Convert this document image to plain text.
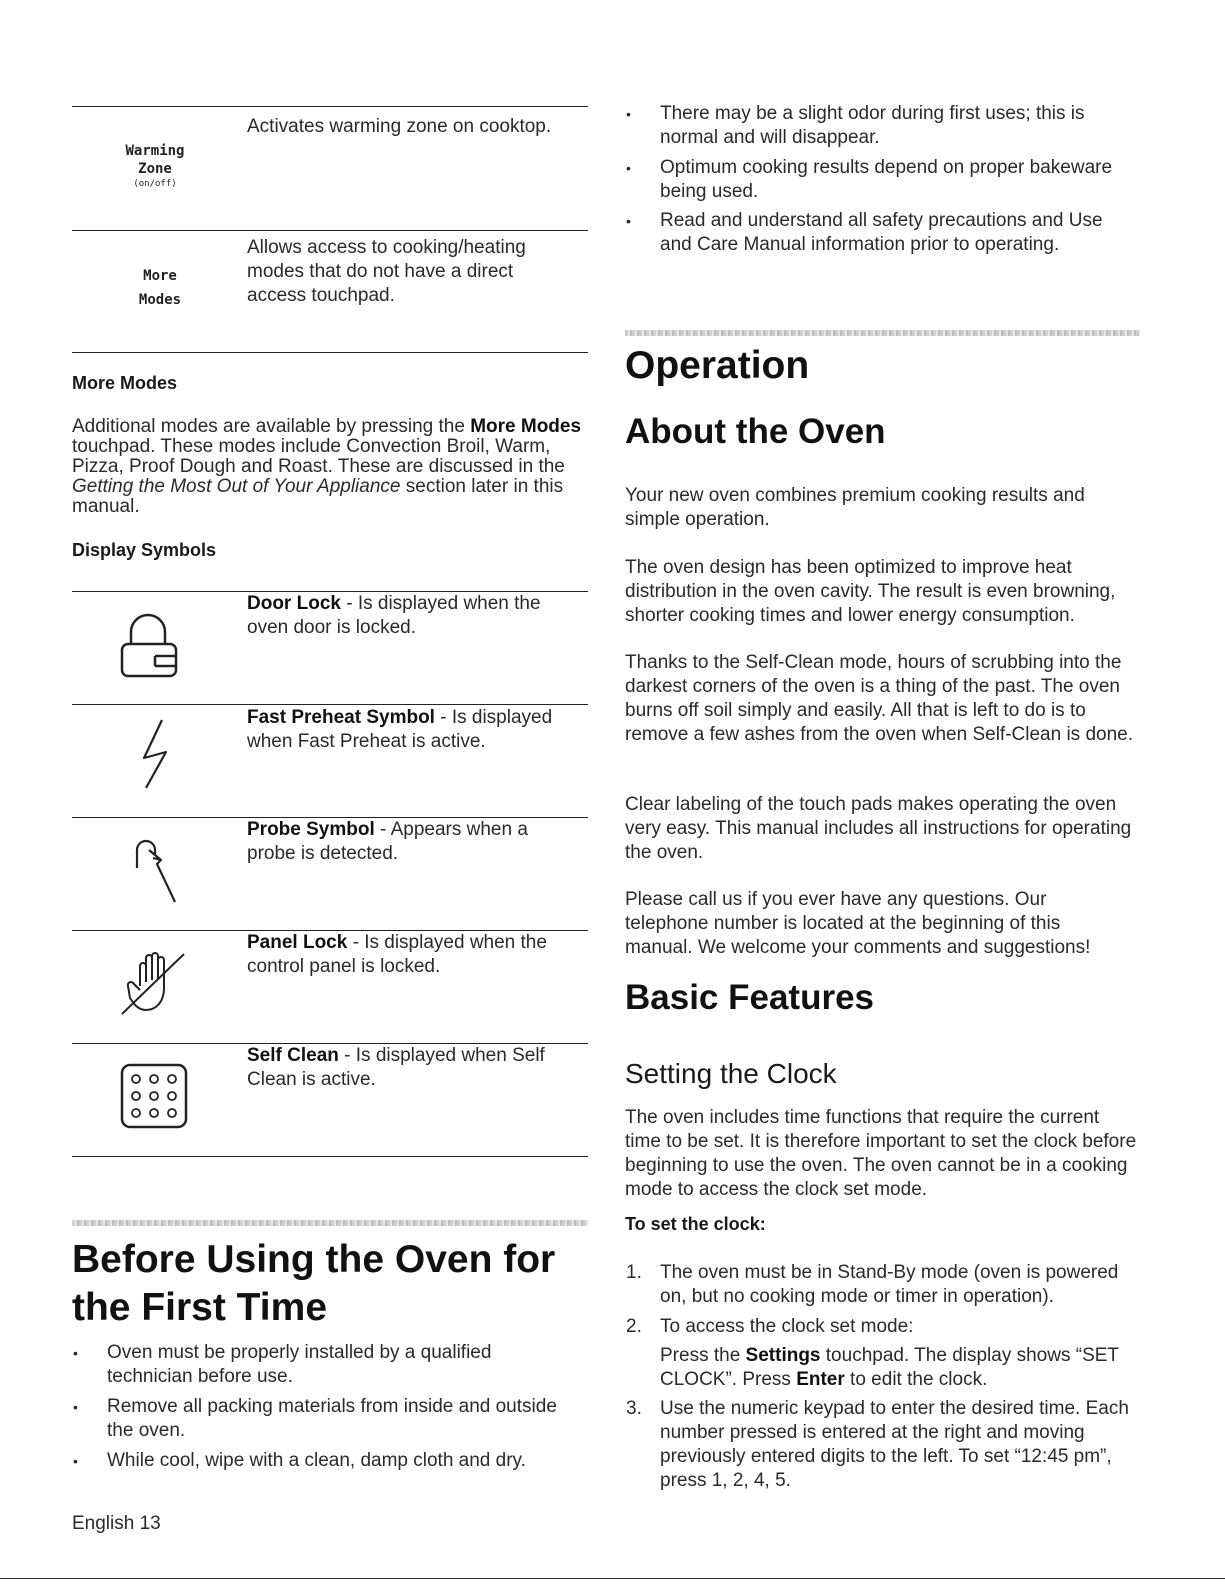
Warming
Zone
(on/off)
Activates warming zone on cooktop.
More
Modes
Allows access to cooking/heating
modes that do not have a direct
access touchpad.
More Modes
Additional modes are available by pressing the More Modes touchpad. These modes include Convection Broil, Warm, Pizza, Proof Dough and Roast. These are discussed in the Getting the Most Out of Your Appliance section later in this manual.
Display Symbols
Door Lock - Is displayed when the oven door is locked.
Fast Preheat Symbol - Is displayed when Fast Preheat is active.
Probe Symbol - Appears when a probe is detected.
Panel Lock - Is displayed when the control panel is locked.
Self Clean - Is displayed when Self Clean is active.
Before Using the Oven for
the First Time
• Oven must be properly installed by a qualified technician before use.
• Remove all packing materials from inside and outside the oven.
• While cool, wipe with a clean, damp cloth and dry.
English 13
• There may be a slight odor during first uses; this is normal and will disappear.
• Optimum cooking results depend on proper bakeware being used.
• Read and understand all safety precautions and Use and Care Manual information prior to operating.
Operation
About the Oven
Your new oven combines premium cooking results and simple operation.
The oven design has been optimized to improve heat distribution in the oven cavity. The result is even browning, shorter cooking times and lower energy consumption.
Thanks to the Self-Clean mode, hours of scrubbing into the darkest corners of the oven is a thing of the past. The oven burns off soil simply and easily. All that is left to do is to remove a few ashes from the oven when Self-Clean is done.
Clear labeling of the touch pads makes operating the oven very easy. This manual includes all instructions for operating the oven.
Please call us if you ever have any questions. Our telephone number is located at the beginning of this manual. We welcome your comments and suggestions!
Basic Features
Setting the Clock
The oven includes time functions that require the current time to be set. It is therefore important to set the clock before beginning to use the oven. The oven cannot be in a cooking mode to access the clock set mode.
To set the clock:
1. The oven must be in Stand-By mode (oven is powered on, but no cooking mode or timer in operation).
2. To access the clock set mode:
Press the Settings touchpad. The display shows “SET CLOCK”. Press Enter to edit the clock.
3. Use the numeric keypad to enter the desired time. Each number pressed is entered at the right and moving previously entered digits to the left. To set “12:45 pm”, press 1, 2, 4, 5.
